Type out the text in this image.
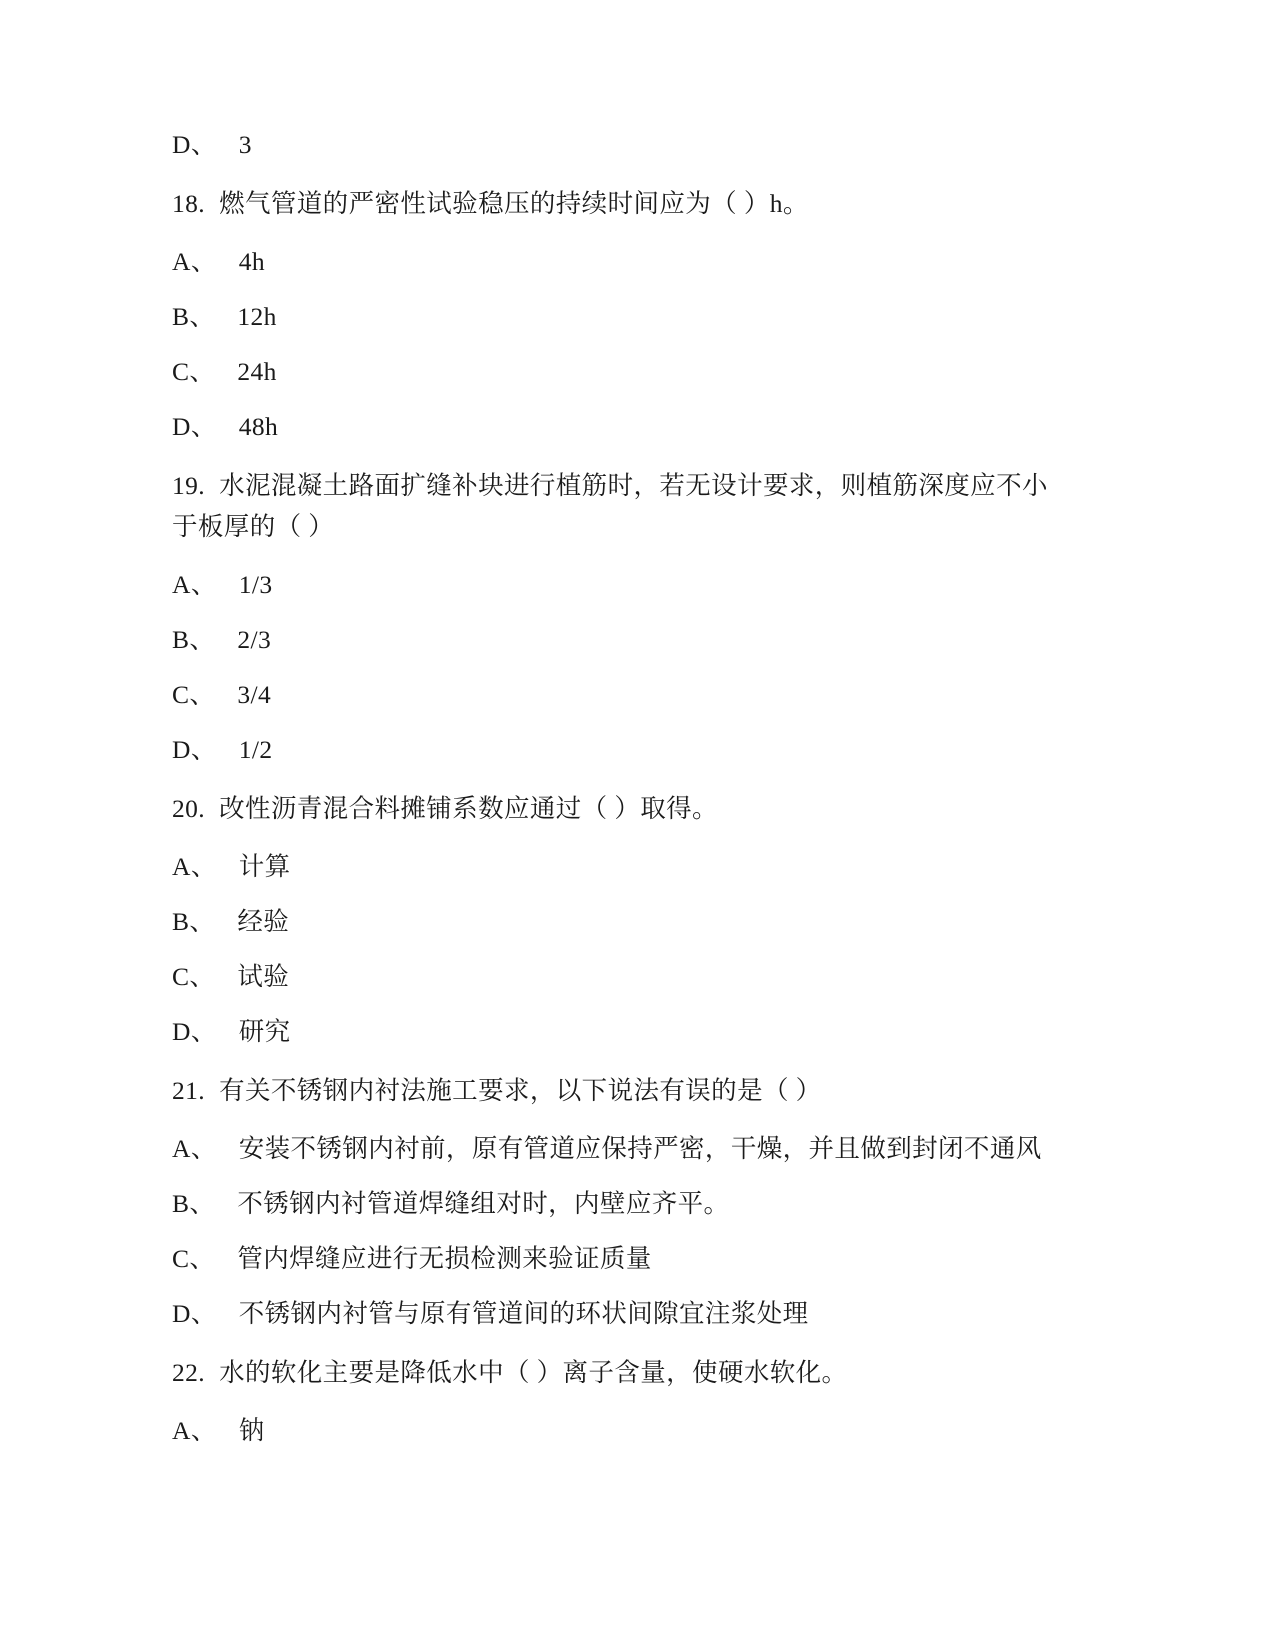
D、 3
18. 燃气管道的严密性试验稳压的持续时间应为（ ）h。
A、 4h
B、 12h
C、 24h
D、 48h
19. 水泥混凝土路面扩缝补块进行植筋时，若无设计要求，则植筋深度应不小于板厚的（ ）
A、 1/3
B、 2/3
C、 3/4
D、 1/2
20. 改性沥青混合料摊铺系数应通过（ ）取得。
A、 计算
B、 经验
C、 试验
D、 研究
21. 有关不锈钢内衬法施工要求，以下说法有误的是（ ）
A、 安装不锈钢内衬前，原有管道应保持严密，干燥，并且做到封闭不通风
B、 不锈钢内衬管道焊缝组对时，内壁应齐平。
C、 管内焊缝应进行无损检测来验证质量
D、 不锈钢内衬管与原有管道间的环状间隙宜注浆处理
22. 水的软化主要是降低水中（ ）离子含量，使硬水软化。
A、 钠
